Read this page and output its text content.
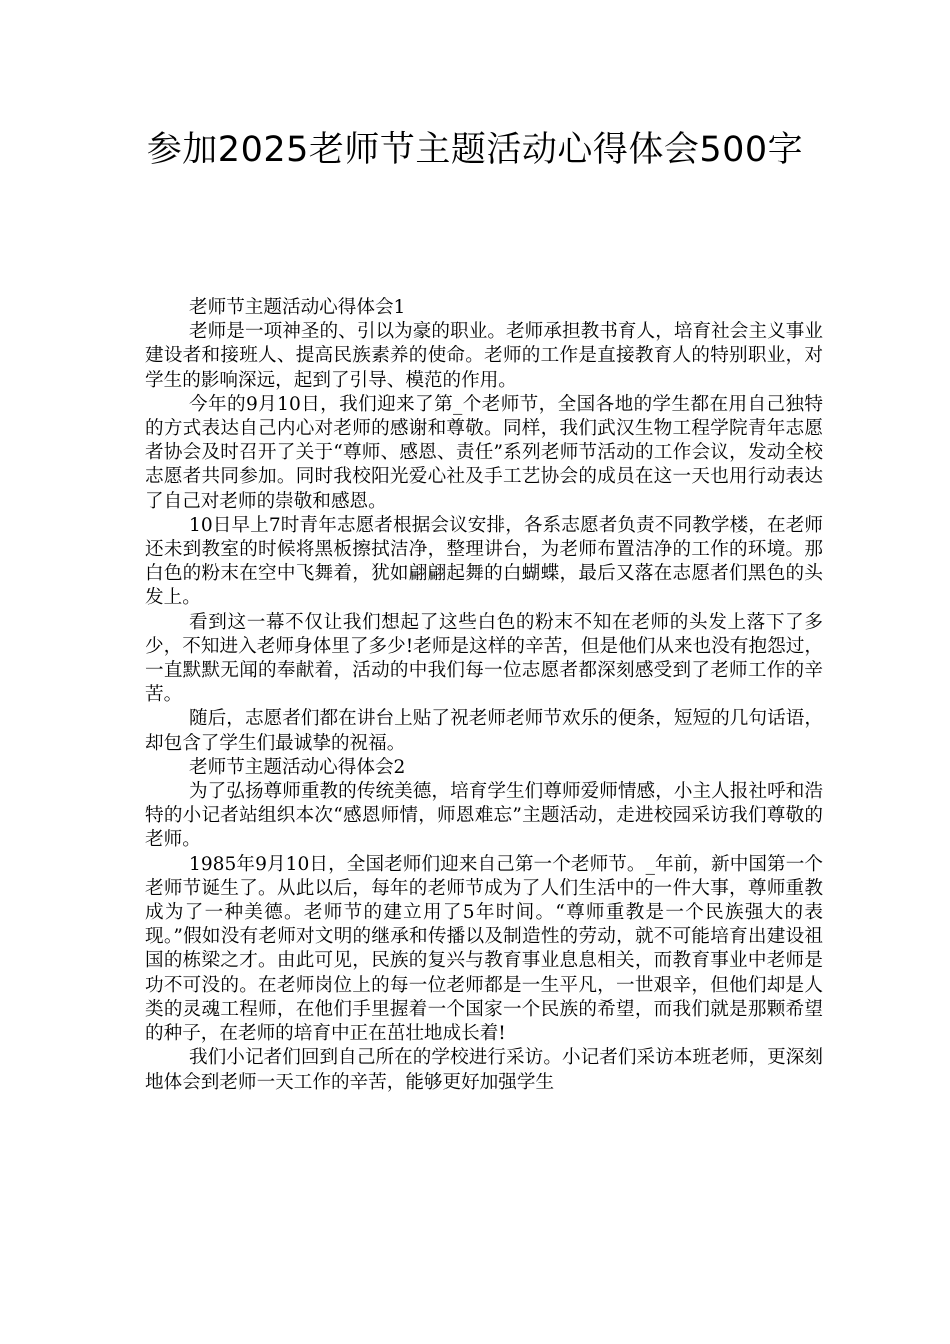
参加2025老师节主题活动心得体会500字

老师节主题活动心得体会1

老师是一项神圣的、引以为豪的职业。老师承担教书育人，培育社会主义事业建设者和接班人、提高民族素养的使命。老师的工作是直接教育人的特别职业，对学生的影响深远，起到了引导、模范的作用。

今年的9月10日，我们迎来了第_个老师节，全国各地的学生都在用自己独特的方式表达自己内心对老师的感谢和尊敬。同样，我们武汉生物工程学院青年志愿者协会及时召开了关于“尊师、感恩、责任”系列老师节活动的工作会议，发动全校志愿者共同参加。同时我校阳光爱心社及手工艺协会的成员在这一天也用行动表达了自己对老师的崇敬和感恩。

10日早上7时青年志愿者根据会议安排，各系志愿者负责不同教学楼，在老师还未到教室的时候将黑板擦拭洁净，整理讲台，为老师布置洁净的工作的环境。那白色的粉末在空中飞舞着，犹如翩翩起舞的白蝴蝶，最后又落在志愿者们黑色的头发上。

看到这一幕不仅让我们想起了这些白色的粉末不知在老师的头发上落下了多少，不知进入老师身体里了多少!老师是这样的辛苦，但是他们从来也没有抱怨过，一直默默无闻的奉献着，活动的中我们每一位志愿者都深刻感受到了老师工作的辛苦。

随后，志愿者们都在讲台上贴了祝老师老师节欢乐的便条，短短的几句话语，却包含了学生们最诚挚的祝福。

老师节主题活动心得体会2

为了弘扬尊师重教的传统美德，培育学生们尊师爱师情感，小主人报社呼和浩特的小记者站组织本次“感恩师情，师恩难忘”主题活动，走进校园采访我们尊敬的老师。

1985年9月10日，全国老师们迎来自己第一个老师节。_年前，新中国第一个老师节诞生了。从此以后，每年的老师节成为了人们生活中的一件大事，尊师重教成为了一种美德。老师节的建立用了5年时间。“尊师重教是一个民族强大的表现。”假如没有老师对文明的继承和传播以及制造性的劳动，就不可能培育出建设祖国的栋梁之才。由此可见，民族的复兴与教育事业息息相关，而教育事业中老师是功不可没的。在老师岗位上的每一位老师都是一生平凡，一世艰辛，但他们却是人类的灵魂工程师，在他们手里握着一个国家一个民族的希望，而我们就是那颗希望的种子，在老师的培育中正在茁壮地成长着!

我们小记者们回到自己所在的学校进行采访。小记者们采访本班老师，更深刻地体会到老师一天工作的辛苦，能够更好加强学生
